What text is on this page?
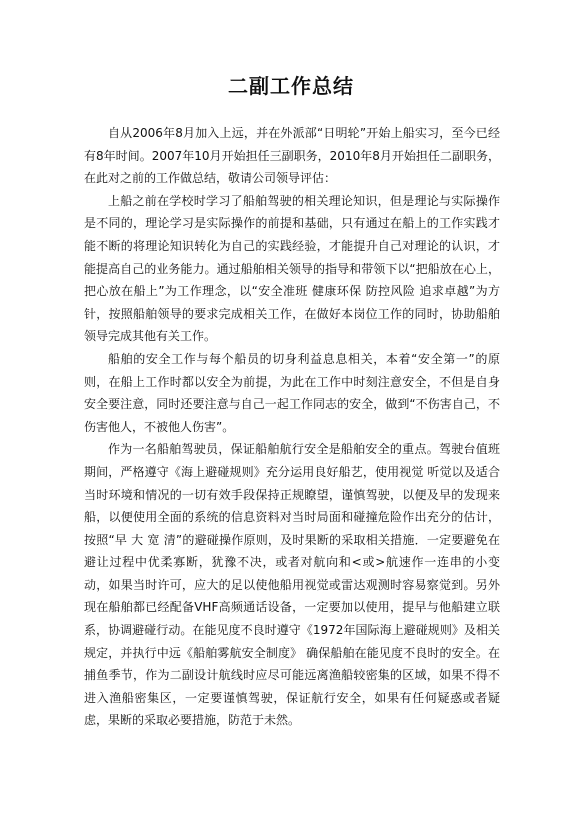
二副工作总结

自从2006年8月加入上远，并在外派部“日明轮”开始上船实习，至今已经有8年时间。2007年10月开始担任三副职务，2010年8月开始担任二副职务，在此对之前的工作做总结，敬请公司领导评估：

上船之前在学校时学习了船舶驾驶的相关理论知识，但是理论与实际操作是不同的，理论学习是实际操作的前提和基础，只有通过在船上的工作实践才能不断的将理论知识转化为自己的实践经验，才能提升自己对理论的认识，才能提高自己的业务能力。通过船舶相关领导的指导和带领下以“把船放在心上，把心放在船上”为工作理念，以“安全准班 健康环保 防控风险 追求卓越”为方针，按照船舶领导的要求完成相关工作，在做好本岗位工作的同时，协助船舶领导完成其他有关工作。

船舶的安全工作与每个船员的切身利益息息相关，本着“安全第一”的原则，在船上工作时都以安全为前提，为此在工作中时刻注意安全，不但是自身安全要注意，同时还要注意与自己一起工作同志的安全，做到“不伤害自己，不伤害他人，不被他人伤害”。

作为一名船舶驾驶员，保证船舶航行安全是船舶安全的重点。驾驶台值班期间，严格遵守《海上避碰规则》充分运用良好船艺，使用视觉 听觉以及适合当时环境和情况的一切有效手段保持正规瞭望，谨慎驾驶，以便及早的发现来船，以便使用全面的系统的信息资料对当时局面和碰撞危险作出充分的估计，按照“早 大 宽 清”的避碰操作原则，及时果断的采取相关措施．一定要避免在避让过程中优柔寡断，犹豫不决，或者对航向和<或>航速作一连串的小变动，如果当时许可，应大的足以使他船用视觉或雷达观测时容易察觉到。另外现在船舶都已经配备VHF高频通话设备，一定要加以使用，提早与他船建立联系，协调避碰行动。在能见度不良时遵守《1972年国际海上避碰规则》及相关规定，并执行中远《船舶雾航安全制度》 确保船舶在能见度不良时的安全。在捕鱼季节，作为二副设计航线时应尽可能远离渔船较密集的区域，如果不得不进入渔船密集区，一定要谨慎驾驶，保证航行安全，如果有任何疑惑或者疑虑，果断的采取必要措施，防范于未然。
